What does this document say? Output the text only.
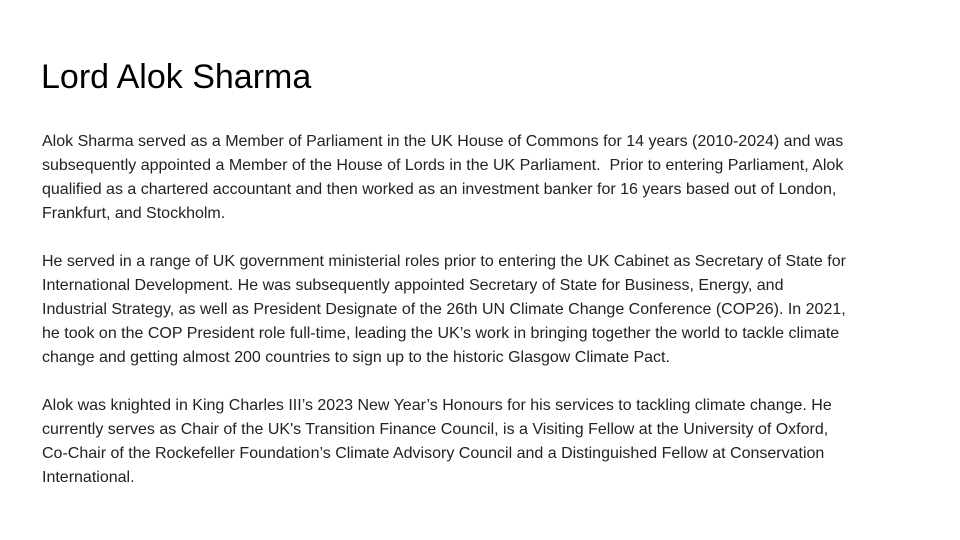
Lord Alok Sharma

Alok Sharma served as a Member of Parliament in the UK House of Commons for 14 years (2010-2024) and was
subsequently appointed a Member of the House of Lords in the UK Parliament.  Prior to entering Parliament, Alok
qualified as a chartered accountant and then worked as an investment banker for 16 years based out of London,
Frankfurt, and Stockholm.

He served in a range of UK government ministerial roles prior to entering the UK Cabinet as Secretary of State for
International Development. He was subsequently appointed Secretary of State for Business, Energy, and
Industrial Strategy, as well as President Designate of the 26th UN Climate Change Conference (COP26). In 2021,
he took on the COP President role full-time, leading the UK’s work in bringing together the world to tackle climate
change and getting almost 200 countries to sign up to the historic Glasgow Climate Pact.

Alok was knighted in King Charles III’s 2023 New Year’s Honours for his services to tackling climate change. He
currently serves as Chair of the UK's Transition Finance Council, is a Visiting Fellow at the University of Oxford,
Co-Chair of the Rockefeller Foundation’s Climate Advisory Council and a Distinguished Fellow at Conservation
International.
